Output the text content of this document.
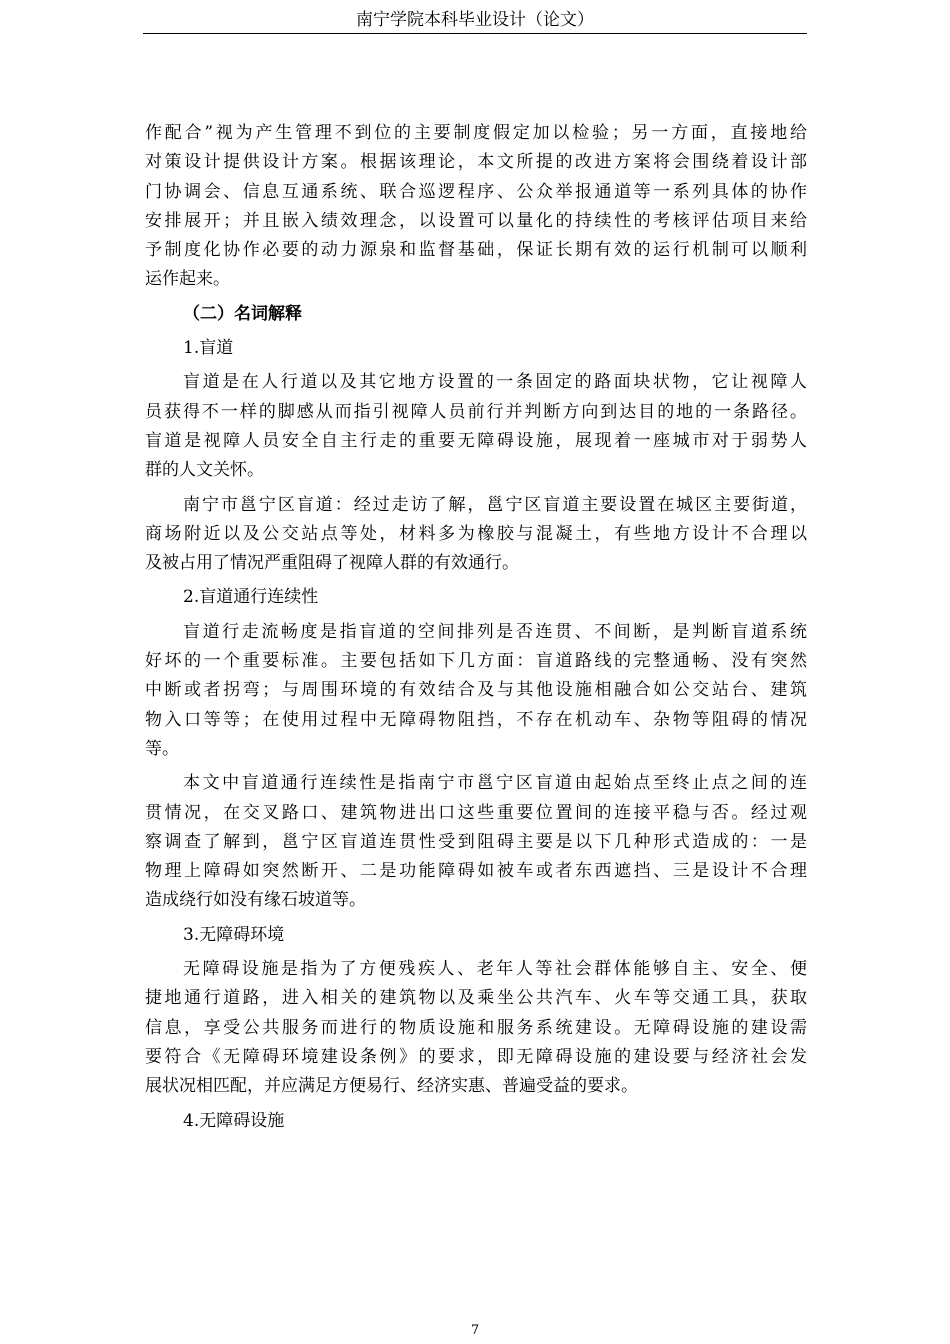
南宁学院本科毕业设计（论文）

作配合”视为产生管理不到位的主要制度假定加以检验；另一方面，直接地给
对策设计提供设计方案。根据该理论，本文所提的改进方案将会围绕着设计部
门协调会、信息互通系统、联合巡逻程序、公众举报通道等一系列具体的协作
安排展开；并且嵌入绩效理念，以设置可以量化的持续性的考核评估项目来给
予制度化协作必要的动力源泉和监督基础，保证长期有效的运行机制可以顺利
运作起来。

（二）名词解释

1.盲道

盲道是在人行道以及其它地方设置的一条固定的路面块状物，它让视障人
员获得不一样的脚感从而指引视障人员前行并判断方向到达目的地的一条路径。
盲道是视障人员安全自主行走的重要无障碍设施，展现着一座城市对于弱势人
群的人文关怀。

南宁市邕宁区盲道：经过走访了解，邕宁区盲道主要设置在城区主要街道，
商场附近以及公交站点等处，材料多为橡胶与混凝土，有些地方设计不合理以
及被占用了情况严重阻碍了视障人群的有效通行。

2.盲道通行连续性

盲道行走流畅度是指盲道的空间排列是否连贯、不间断，是判断盲道系统
好坏的一个重要标准。主要包括如下几方面：盲道路线的完整通畅、没有突然
中断或者拐弯；与周围环境的有效结合及与其他设施相融合如公交站台、建筑
物入口等等；在使用过程中无障碍物阻挡，不存在机动车、杂物等阻碍的情况
等。

本文中盲道通行连续性是指南宁市邕宁区盲道由起始点至终止点之间的连
贯情况，在交叉路口、建筑物进出口这些重要位置间的连接平稳与否。经过观
察调查了解到，邕宁区盲道连贯性受到阻碍主要是以下几种形式造成的：一是
物理上障碍如突然断开、二是功能障碍如被车或者东西遮挡、三是设计不合理
造成绕行如没有缘石坡道等。

3.无障碍环境

无障碍设施是指为了方便残疾人、老年人等社会群体能够自主、安全、便
捷地通行道路，进入相关的建筑物以及乘坐公共汽车、火车等交通工具，获取
信息，享受公共服务而进行的物质设施和服务系统建设。无障碍设施的建设需
要符合《无障碍环境建设条例》的要求，即无障碍设施的建设要与经济社会发
展状况相匹配，并应满足方便易行、经济实惠、普遍受益的要求。

4.无障碍设施

7
